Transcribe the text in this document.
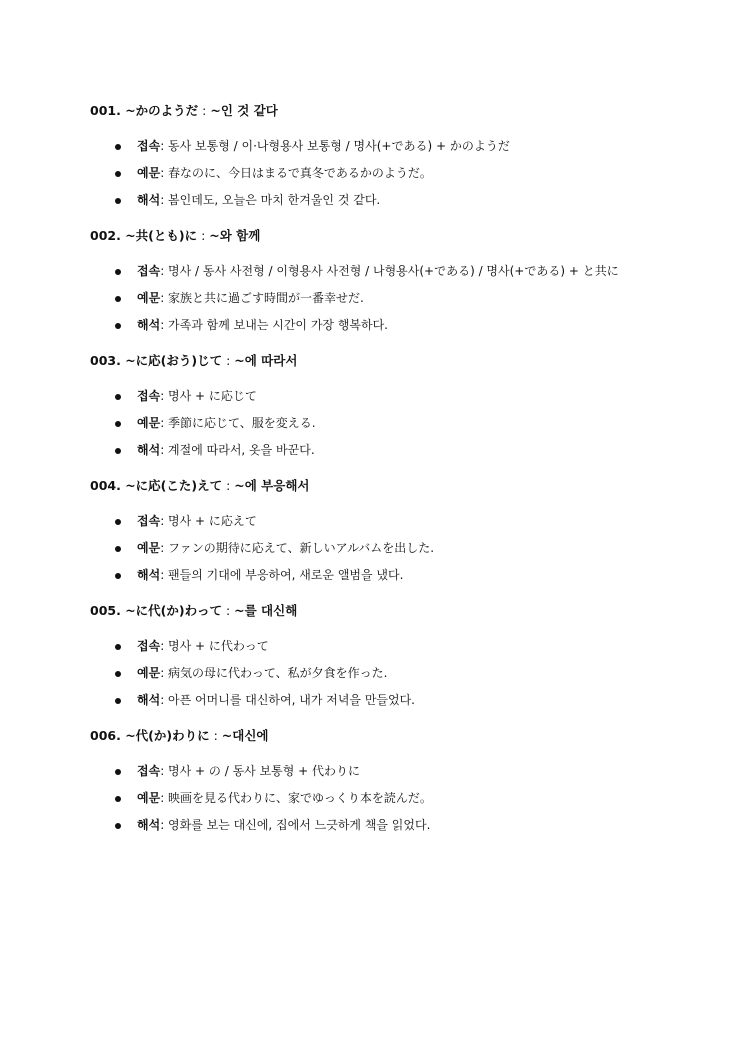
001. ~かのようだ : ~인 것 같다
접속: 동사 보통형 / 이·나형용사 보통형 / 명사(+である) + かのようだ
예문: 春なのに、今日はまるで真冬であるかのようだ。
해석: 봄인데도, 오늘은 마치 한겨울인 것 같다.
002. ~共(とも)に : ~와 함께
접속: 명사 / 동사 사전형 / 이형용사 사전형 / 나형용사(+である) / 명사(+である) + と共に
예문: 家族と共に過ごす時間が一番幸せだ.
해석: 가족과 함께 보내는 시간이 가장 행복하다.
003. ~に応(おう)じて : ~에 따라서
접속: 명사 + に応じて
예문: 季節に応じて、服を変える.
해석: 계절에 따라서, 옷을 바꾼다.
004. ~に応(こた)えて : ~에 부응해서
접속: 명사 + に応えて
예문: ファンの期待に応えて、新しいアルバムを出した.
해석: 팬들의 기대에 부응하여, 새로운 앨범을 냈다.
005. ~に代(か)わって : ~를 대신해
접속: 명사 + に代わって
예문: 病気の母に代わって、私が夕食を作った.
해석: 아픈 어머니를 대신하여, 내가 저녁을 만들었다.
006. ~代(か)わりに : ~대신에
접속: 명사 + の / 동사 보통형 + 代わりに
예문: 映画を見る代わりに、家でゆっくり本を読んだ。
해석: 영화를 보는 대신에, 집에서 느긋하게 책을 읽었다.
